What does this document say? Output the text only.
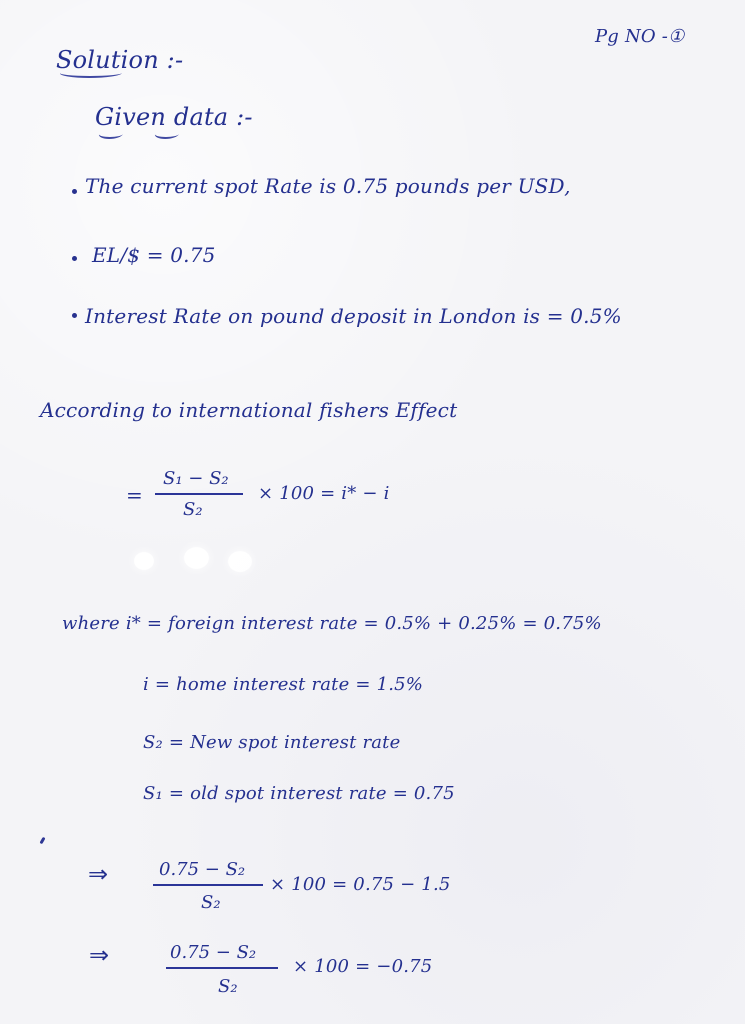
Pg NO -①
Solution :-
Given data :-
The current spot Rate is 0.75 pounds per USD,
EL/$ = 0.75
Interest Rate on pound deposit in London is = 0.5%
According to international fishers Effect
=
S₁ − S₂
S₂
× 100 = i* − i
where i* = foreign interest rate = 0.5% + 0.25% = 0.75%
i = home interest rate = 1.5%
S₂ = New spot interest rate
S₁ = old spot interest rate = 0.75
⇒	0.75 − S₂
S₂
× 100 = 0.75 − 1.5
⇒	0.75 − S₂
S₂
× 100 = −0.75
